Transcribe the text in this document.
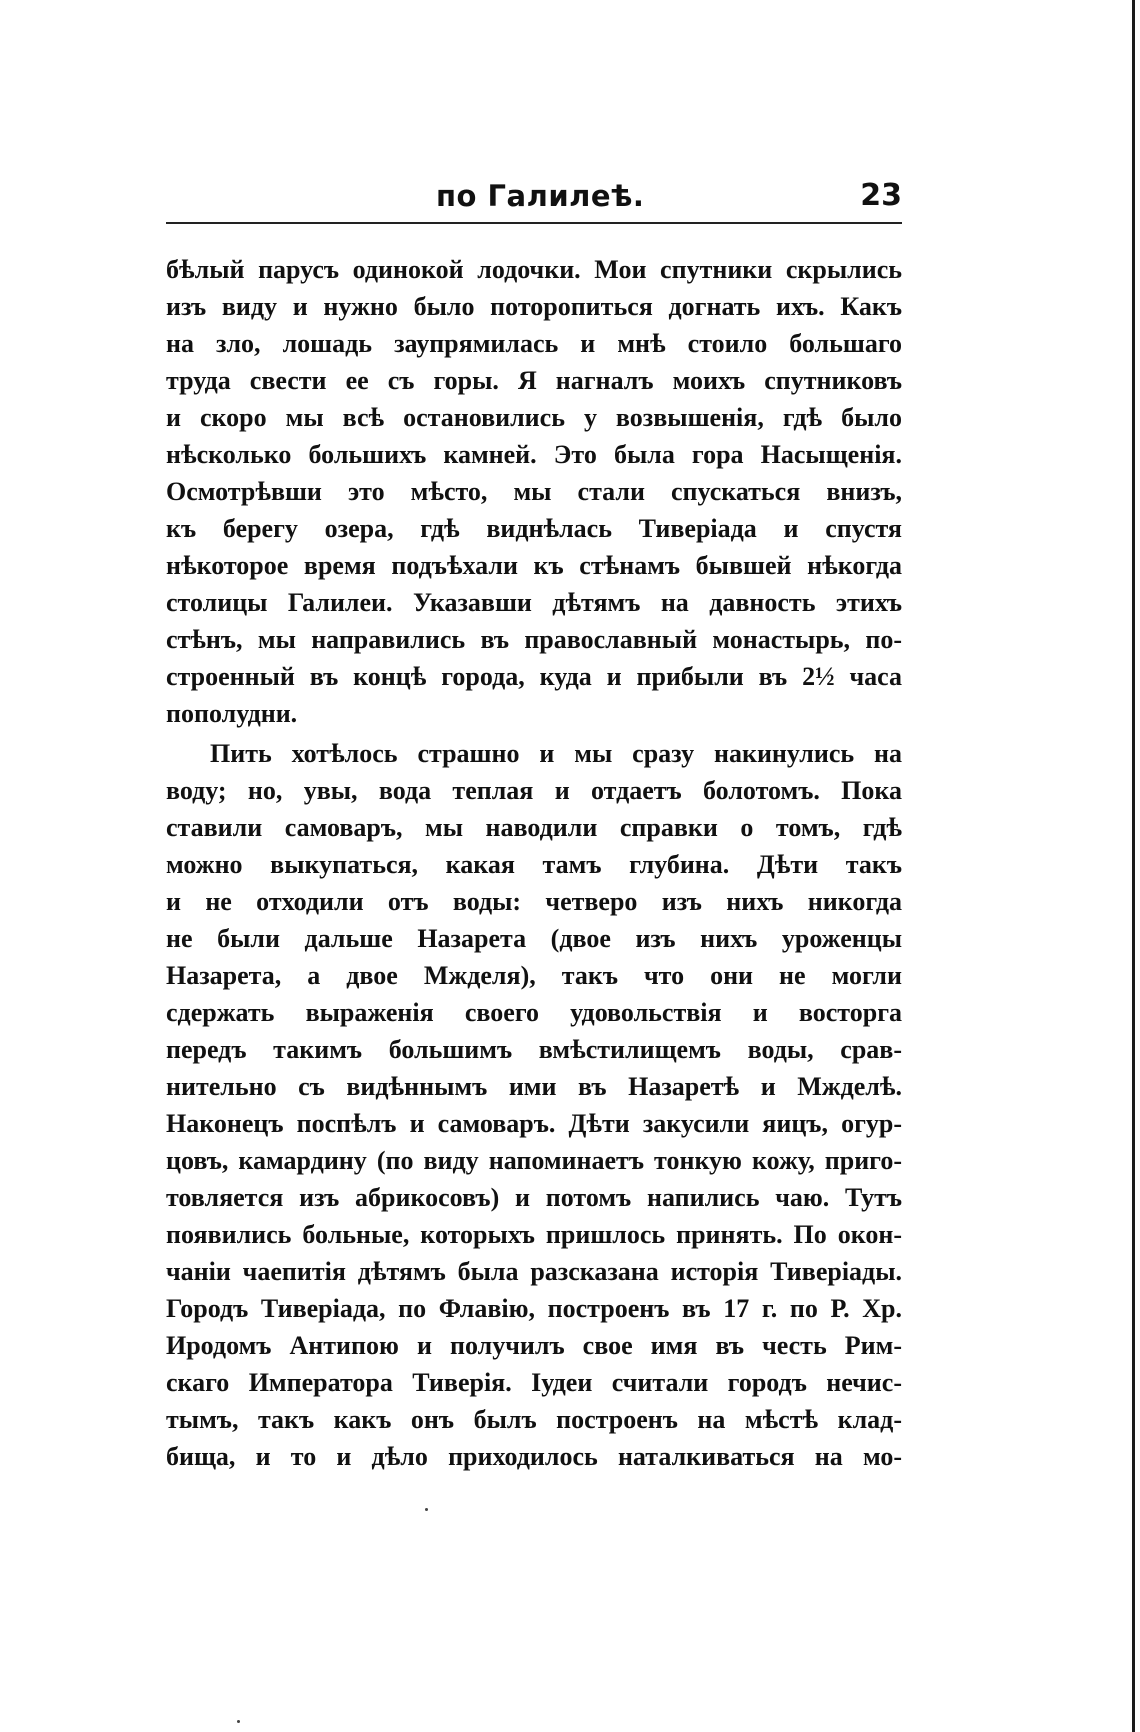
по Галилеѣ.	23
бѣлый парусъ одинокой лодочки. Мои спутники скрылись
изъ виду и нужно было поторопиться догнать ихъ. Какъ
на зло, лошадь заупрямилась и мнѣ стоило большаго
труда свести ее съ горы. Я нагналъ моихъ спутниковъ
и скоро мы всѣ остановились у возвышенія, гдѣ было
нѣсколько большихъ камней. Это была гора Насыщенія.
Осмотрѣвши это мѣсто, мы стали спускаться внизъ,
къ берегу озера, гдѣ виднѣлась Тиверіада и спустя
нѣкоторое время подъѣхали къ стѣнамъ бывшей нѣкогда
столицы Галилеи. Указавши дѣтямъ на давность этихъ
стѣнъ, мы направились въ православный монастырь, по-
строенный въ концѣ города, куда и прибыли въ 2½ часа
пополудни.
Пить хотѣлось страшно и мы сразу накинулись на
воду; но, увы, вода теплая и отдаетъ болотомъ. Пока
ставили самоваръ, мы наводили справки о томъ, гдѣ
можно выкупаться, какая тамъ глубина. Дѣти такъ
и не отходили отъ воды: четверо изъ нихъ никогда
не были дальше Назарета (двое изъ нихъ уроженцы
Назарета, а двое Мжделя), такъ что они не могли
сдержать выраженія своего удовольствія и восторга
передъ такимъ большимъ вмѣстилищемъ воды, срав-
нительно съ видѣннымъ ими въ Назаретѣ и Мжделѣ.
Наконецъ поспѣлъ и самоваръ. Дѣти закусили яицъ, огур-
цовъ, камардину (по виду напоминаетъ тонкую кожу, приго-
товляется изъ абрикосовъ) и потомъ напились чаю. Тутъ
появились больные, которыхъ пришлось принять. По окон-
чаніи чаепитія дѣтямъ была разсказана исторія Тиверіады.
Городъ Тиверіада, по Флавію, построенъ въ 17 г. по Р. Хр.
Иродомъ Антипою и получилъ свое имя въ честь Рим-
скаго Императора Тиверія. Іудеи считали городъ нечис-
тымъ, такъ какъ онъ былъ построенъ на мѣстѣ клад-
бища, и то и дѣло приходилось наталкиваться на мо-
